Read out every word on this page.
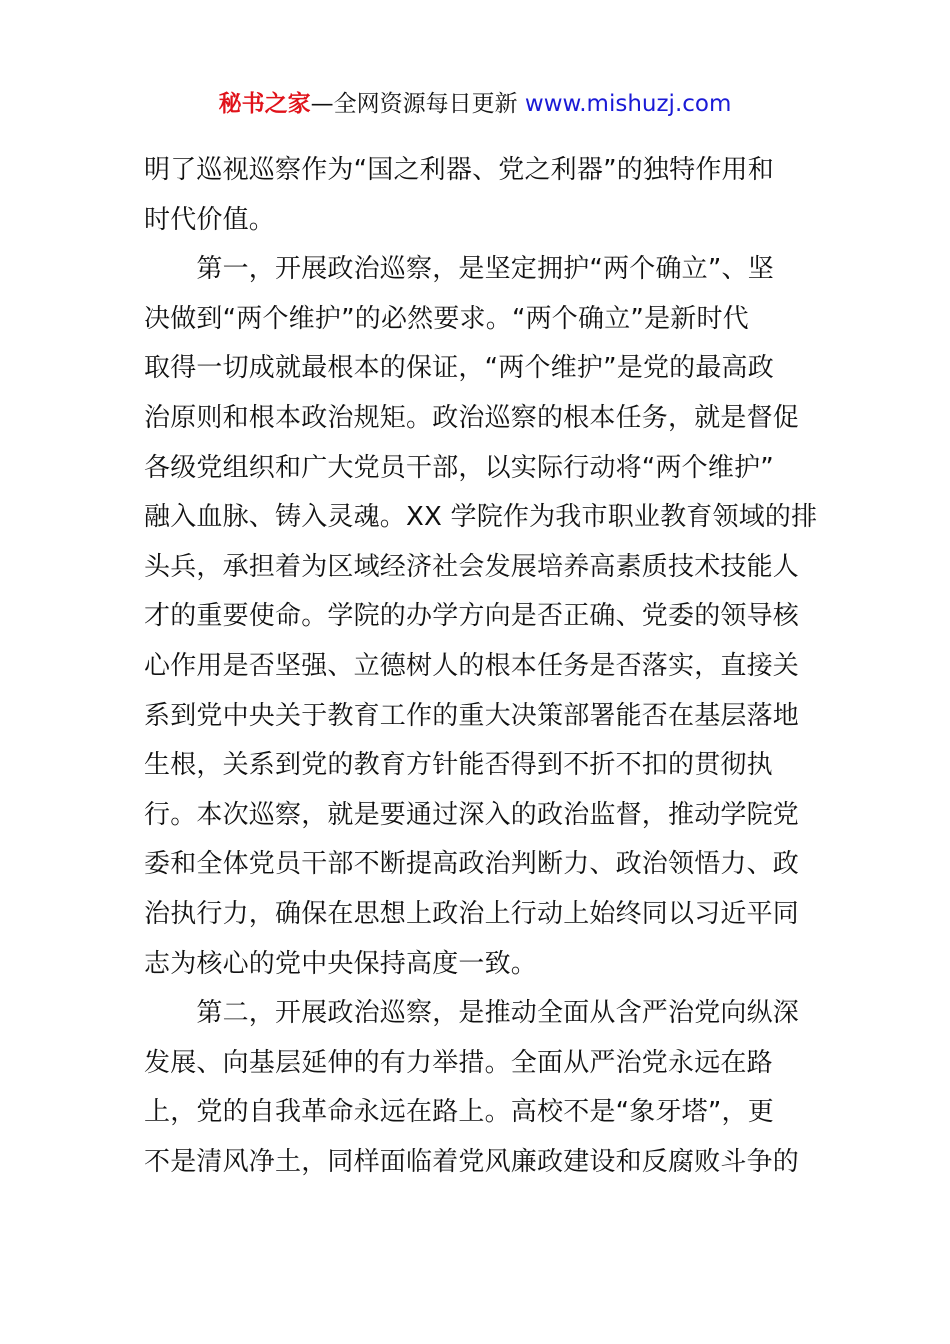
秘书之家—全网资源每日更新 www.mishuzj.com
明了巡视巡察作为“国之利器、党之利器”的独特作用和
时代价值。
　　第一，开展政治巡察，是坚定拥护“两个确立”、坚
决做到“两个维护”的必然要求。“两个确立”是新时代
取得一切成就最根本的保证，“两个维护”是党的最高政
治原则和根本政治规矩。政治巡察的根本任务，就是督促
各级党组织和广大党员干部，以实际行动将“两个维护”
融入血脉、铸入灵魂。XX 学院作为我市职业教育领域的排
头兵，承担着为区域经济社会发展培养高素质技术技能人
才的重要使命。学院的办学方向是否正确、党委的领导核
心作用是否坚强、立德树人的根本任务是否落实，直接关
系到党中央关于教育工作的重大决策部署能否在基层落地
生根，关系到党的教育方针能否得到不折不扣的贯彻执
行。本次巡察，就是要通过深入的政治监督，推动学院党
委和全体党员干部不断提高政治判断力、政治领悟力、政
治执行力，确保在思想上政治上行动上始终同以习近平同
志为核心的党中央保持高度一致。
　　第二，开展政治巡察，是推动全面从含严治党向纵深
发展、向基层延伸的有力举措。全面从严治党永远在路
上，党的自我革命永远在路上。高校不是“象牙塔”，更
不是清风净土，同样面临着党风廉政建设和反腐败斗争的
